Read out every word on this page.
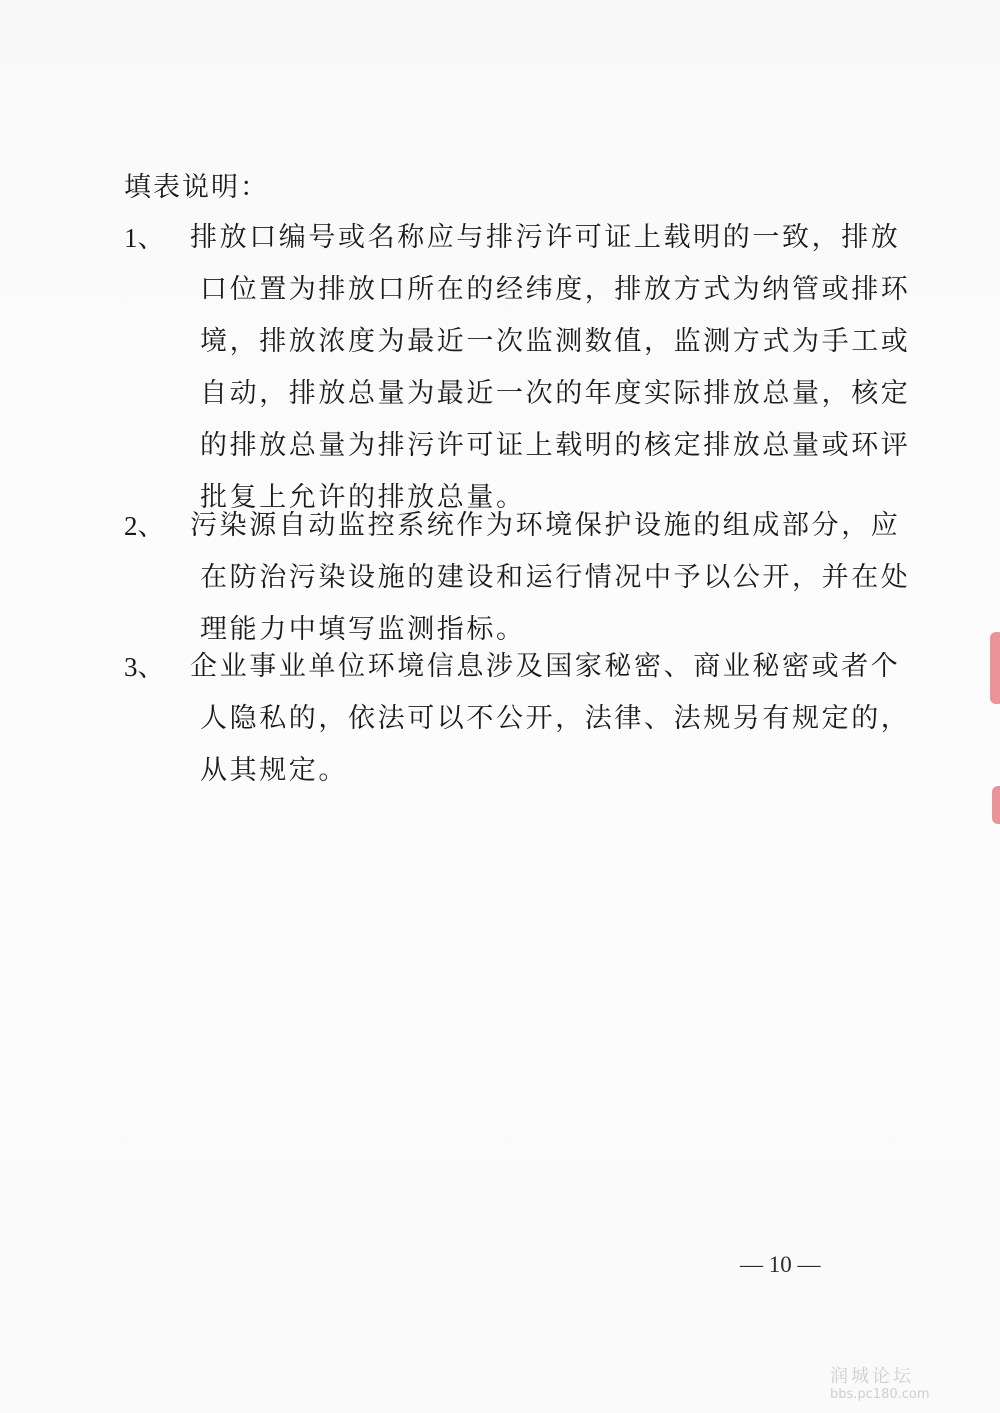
填表说明：
1、 排放口编号或名称应与排污许可证上载明的一致，排放
口位置为排放口所在的经纬度，排放方式为纳管或排环
境，排放浓度为最近一次监测数值，监测方式为手工或
自动，排放总量为最近一次的年度实际排放总量，核定
的排放总量为排污许可证上载明的核定排放总量或环评
批复上允许的排放总量。
2、 污染源自动监控系统作为环境保护设施的组成部分，应
在防治污染设施的建设和运行情况中予以公开，并在处
理能力中填写监测指标。
3、 企业事业单位环境信息涉及国家秘密、商业秘密或者个
人隐私的，依法可以不公开，法律、法规另有规定的，
从其规定。
— 10 —
润城论坛
bbs.pc180.com
